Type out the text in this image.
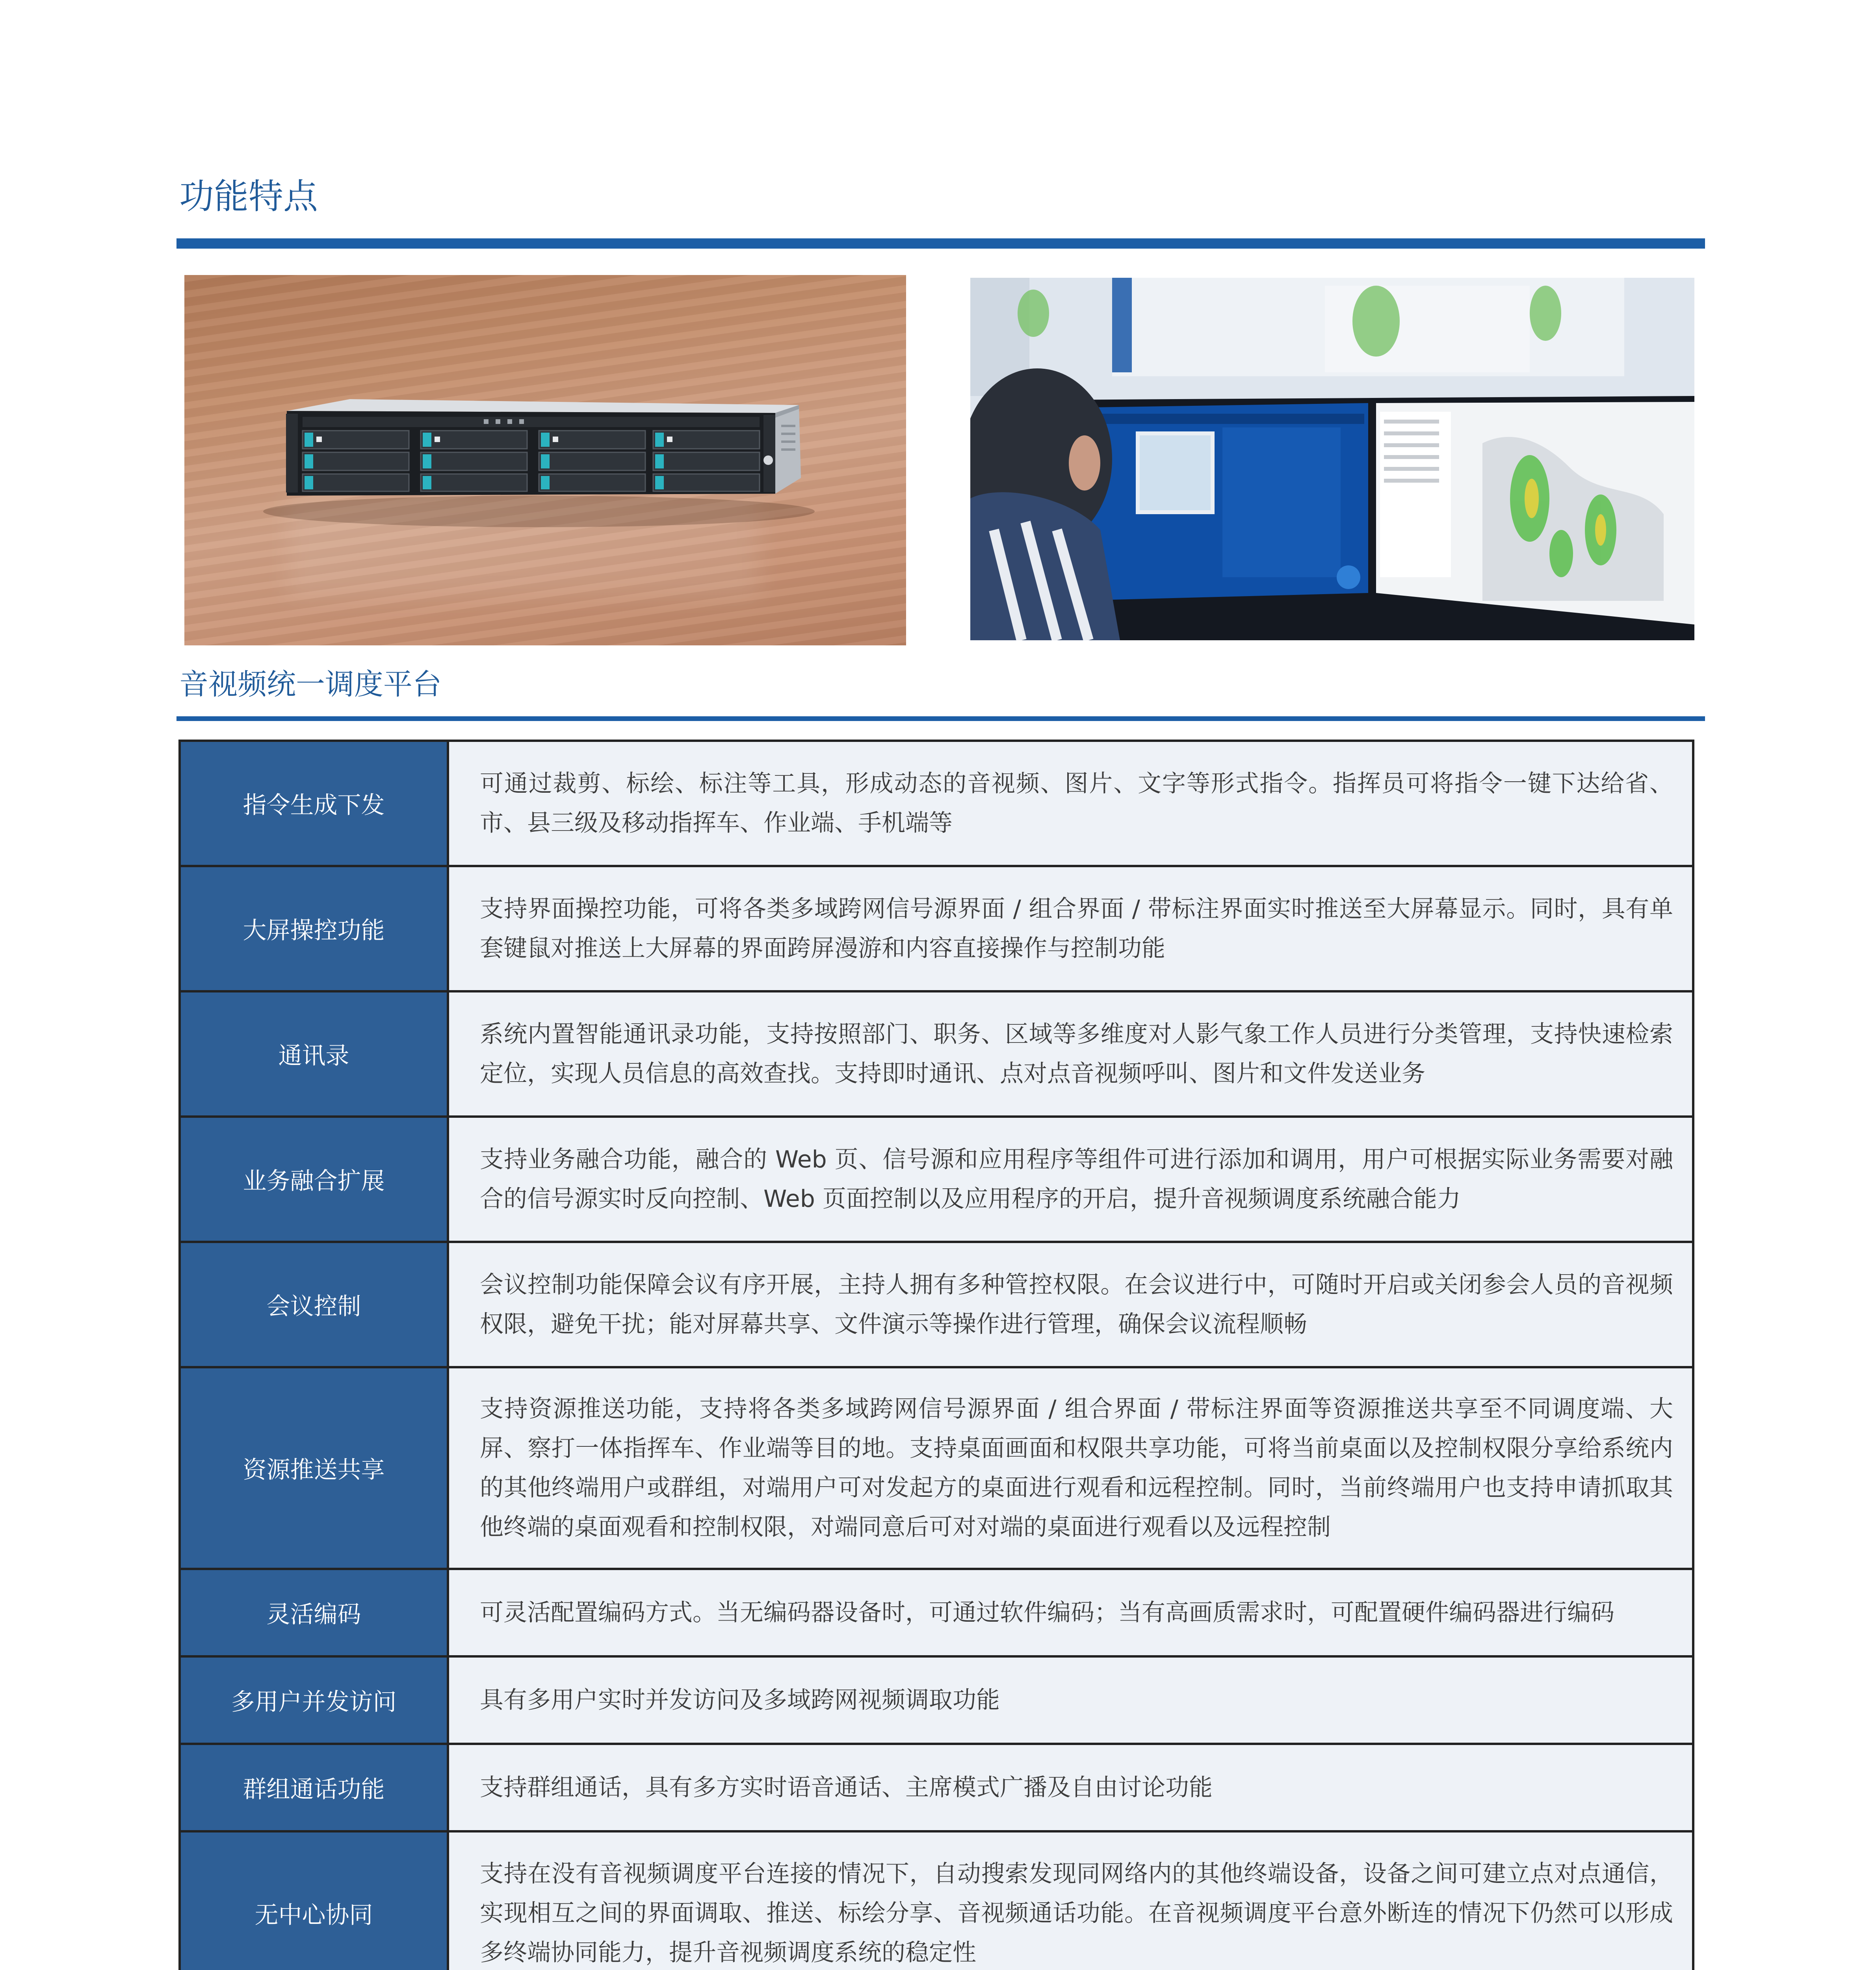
功能特点
音视频统一调度平台
指令生成下发	可通过裁剪、标绘、标注等工具，形成动态的音视频、图片、文字等形式指令。指挥员可将指令一键下达给省、市、县三级及移动指挥车、作业端、手机端等
大屏操控功能	支持界面操控功能，可将各类多域跨网信号源界面 / 组合界面 / 带标注界面实时推送至大屏幕显示。同时，具有单套键鼠对推送上大屏幕的界面跨屏漫游和内容直接操作与控制功能
通讯录	系统内置智能通讯录功能，支持按照部门、职务、区域等多维度对人影气象工作人员进行分类管理，支持快速检索定位，实现人员信息的高效查找。支持即时通讯、点对点音视频呼叫、图片和文件发送业务
业务融合扩展	支持业务融合功能，融合的 Web 页、信号源和应用程序等组件可进行添加和调用，用户可根据实际业务需要对融合的信号源实时反向控制、Web 页面控制以及应用程序的开启，提升音视频调度系统融合能力
会议控制	会议控制功能保障会议有序开展，主持人拥有多种管控权限。在会议进行中，可随时开启或关闭参会人员的音视频权限，避免干扰；能对屏幕共享、文件演示等操作进行管理，确保会议流程顺畅
资源推送共享	支持资源推送功能，支持将各类多域跨网信号源界面 / 组合界面 / 带标注界面等资源推送共享至不同调度端、大屏、察打一体指挥车、作业端等目的地。支持桌面画面和权限共享功能，可将当前桌面以及控制权限分享给系统内的其他终端用户或群组，对端用户可对发起方的桌面进行观看和远程控制。同时，当前终端用户也支持申请抓取其他终端的桌面观看和控制权限，对端同意后可对对端的桌面进行观看以及远程控制
灵活编码	可灵活配置编码方式。当无编码器设备时，可通过软件编码；当有高画质需求时，可配置硬件编码器进行编码
多用户并发访问	具有多用户实时并发访问及多域跨网视频调取功能
群组通话功能	支持群组通话，具有多方实时语音通话、主席模式广播及自由讨论功能
无中心协同	支持在没有音视频调度平台连接的情况下，自动搜索发现同网络内的其他终端设备，设备之间可建立点对点通信，实现相互之间的界面调取、推送、标绘分享、音视频通话功能。在音视频调度平台意外断连的情况下仍然可以形成多终端协同能力，提升音视频调度系统的稳定性
